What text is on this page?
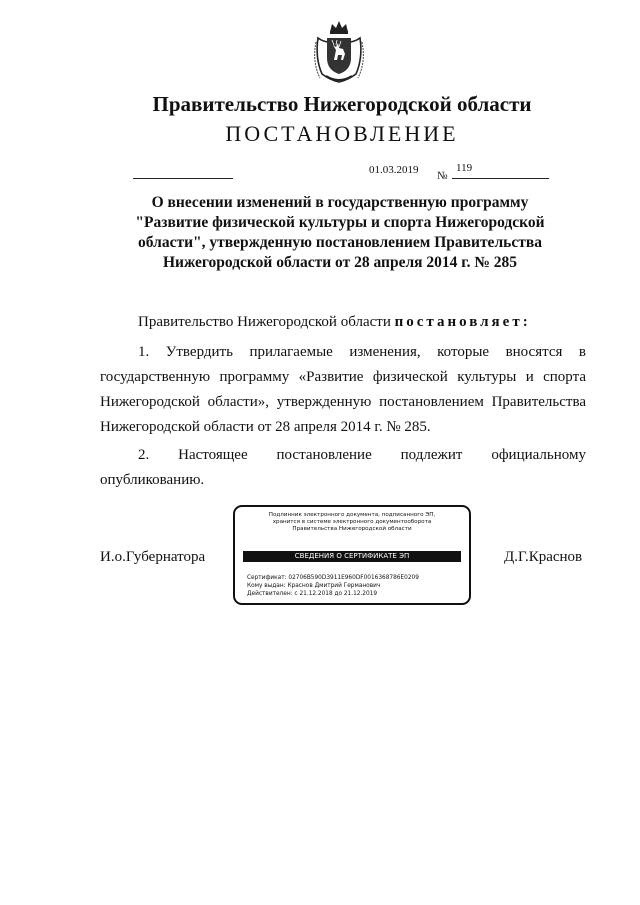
Правительство Нижегородской области
ПОСТАНОВЛЕНИЕ
01.03.2019 №
119
О внесении изменений в государственную программу
"Развитие физической культуры и спорта Нижегородской
области", утвержденную постановлением Правительства
Нижегородской области от 28 апреля 2014 г. № 285
Правительство Нижегородской области постановляет:
1. Утвердить прилагаемые изменения, которые вносятся в
государственную программу «Развитие физической культуры и спорта Нижегородской области», утвержденную постановлением Правительства Нижегородской области от 28 апреля 2014 г. № 285.
2. Настоящее постановление подлежит официальному
опубликованию.
И.о.Губернатора	Д.Г.Краснов
Подлинник электронного документа, подписанного ЭП,
хранится в системе электронного документооборота
Правительства Нижегородской области
СВЕДЕНИЯ О СЕРТИФИКАТЕ ЭП
Сертификат: 02706B590D3911E960DF0016368786E0209
Кому выдан: Краснов Дмитрий Германович
Действителен: с 21.12.2018 до 21.12.2019
